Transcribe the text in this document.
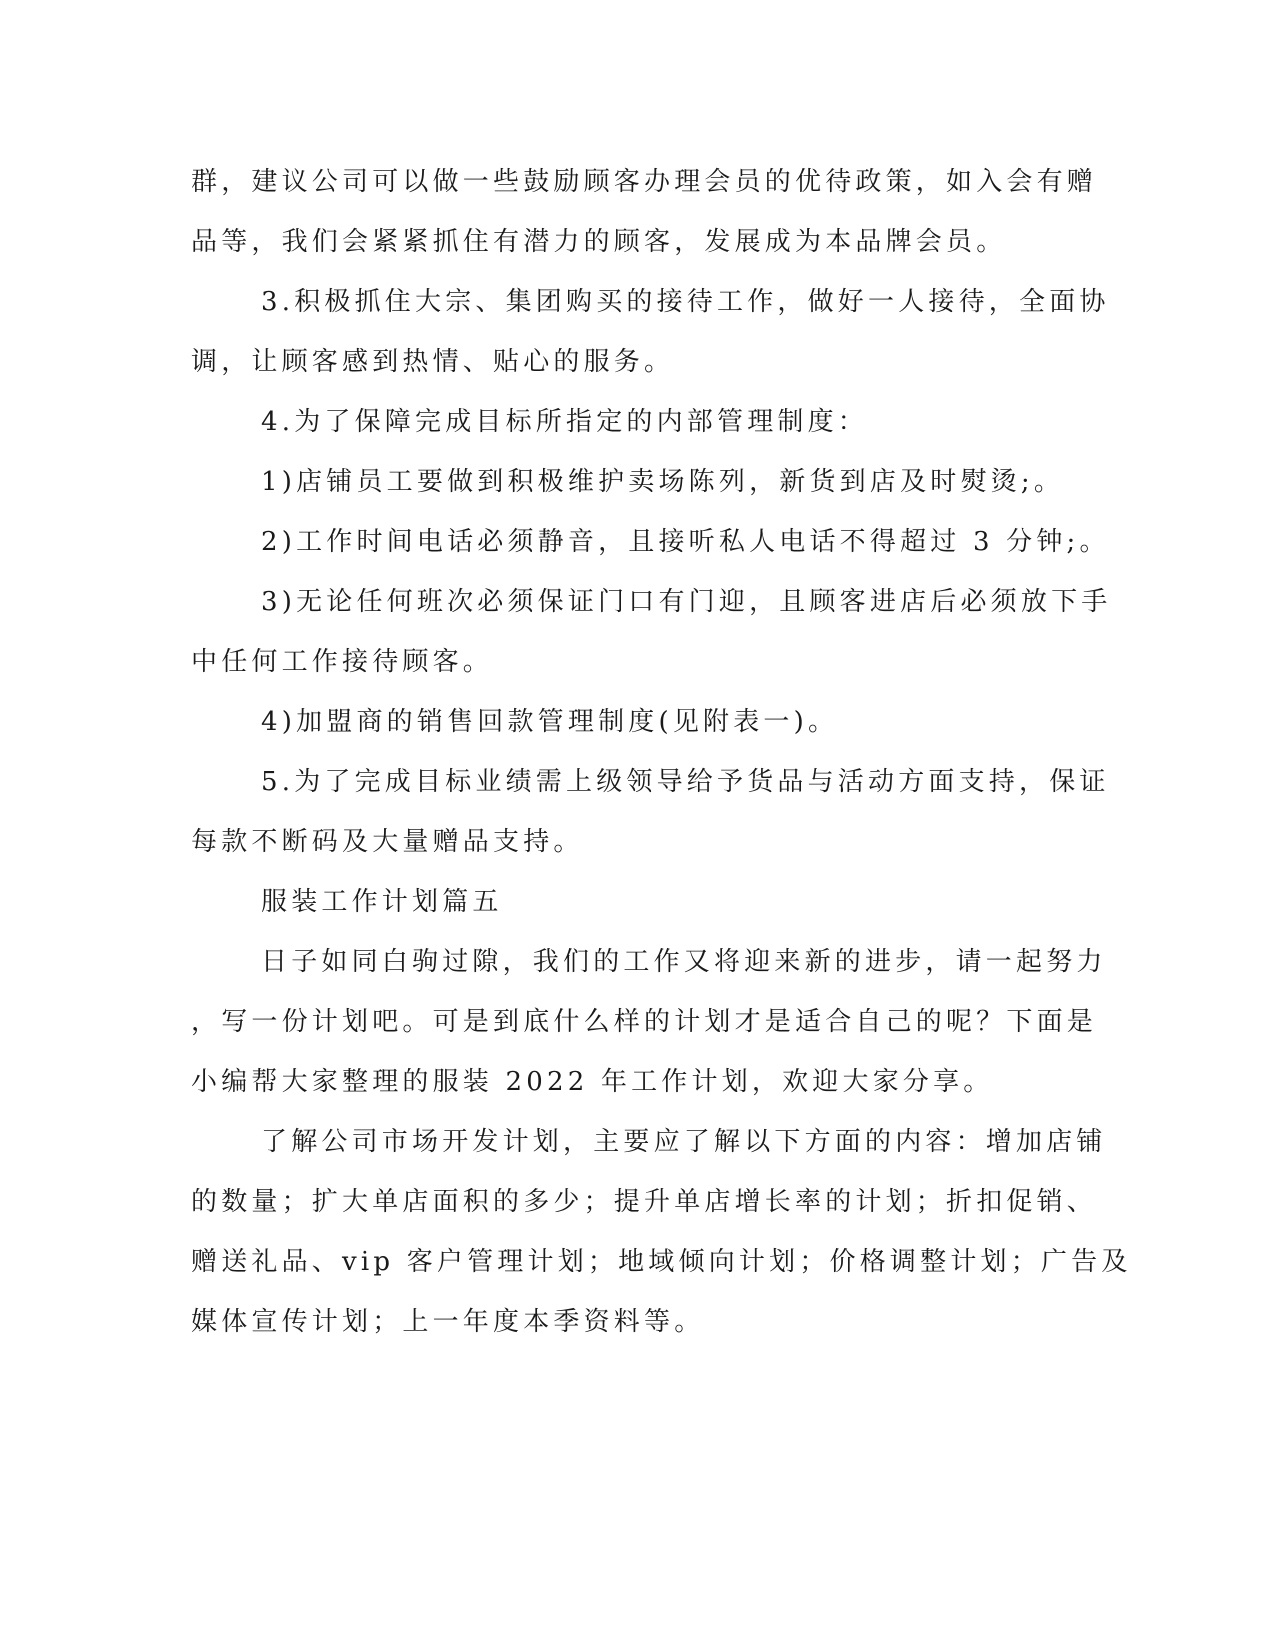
群，建议公司可以做一些鼓励顾客办理会员的优待政策，如入会有赠

品等，我们会紧紧抓住有潜力的顾客，发展成为本品牌会员。

3.积极抓住大宗、集团购买的接待工作，做好一人接待，全面协

调，让顾客感到热情、贴心的服务。

4.为了保障完成目标所指定的内部管理制度：

1)店铺员工要做到积极维护卖场陈列，新货到店及时熨烫;。

2)工作时间电话必须静音，且接听私人电话不得超过 3 分钟;。

3)无论任何班次必须保证门口有门迎，且顾客进店后必须放下手

中任何工作接待顾客。

4)加盟商的销售回款管理制度(见附表一)。

5.为了完成目标业绩需上级领导给予货品与活动方面支持，保证

每款不断码及大量赠品支持。

服装工作计划篇五

日子如同白驹过隙，我们的工作又将迎来新的进步，请一起努力

，写一份计划吧。可是到底什么样的计划才是适合自己的呢？下面是

小编帮大家整理的服装 2022 年工作计划，欢迎大家分享。

了解公司市场开发计划，主要应了解以下方面的内容：增加店铺

的数量；扩大单店面积的多少；提升单店增长率的计划；折扣促销、

赠送礼品、vip 客户管理计划；地域倾向计划；价格调整计划；广告及

媒体宣传计划；上一年度本季资料等。
